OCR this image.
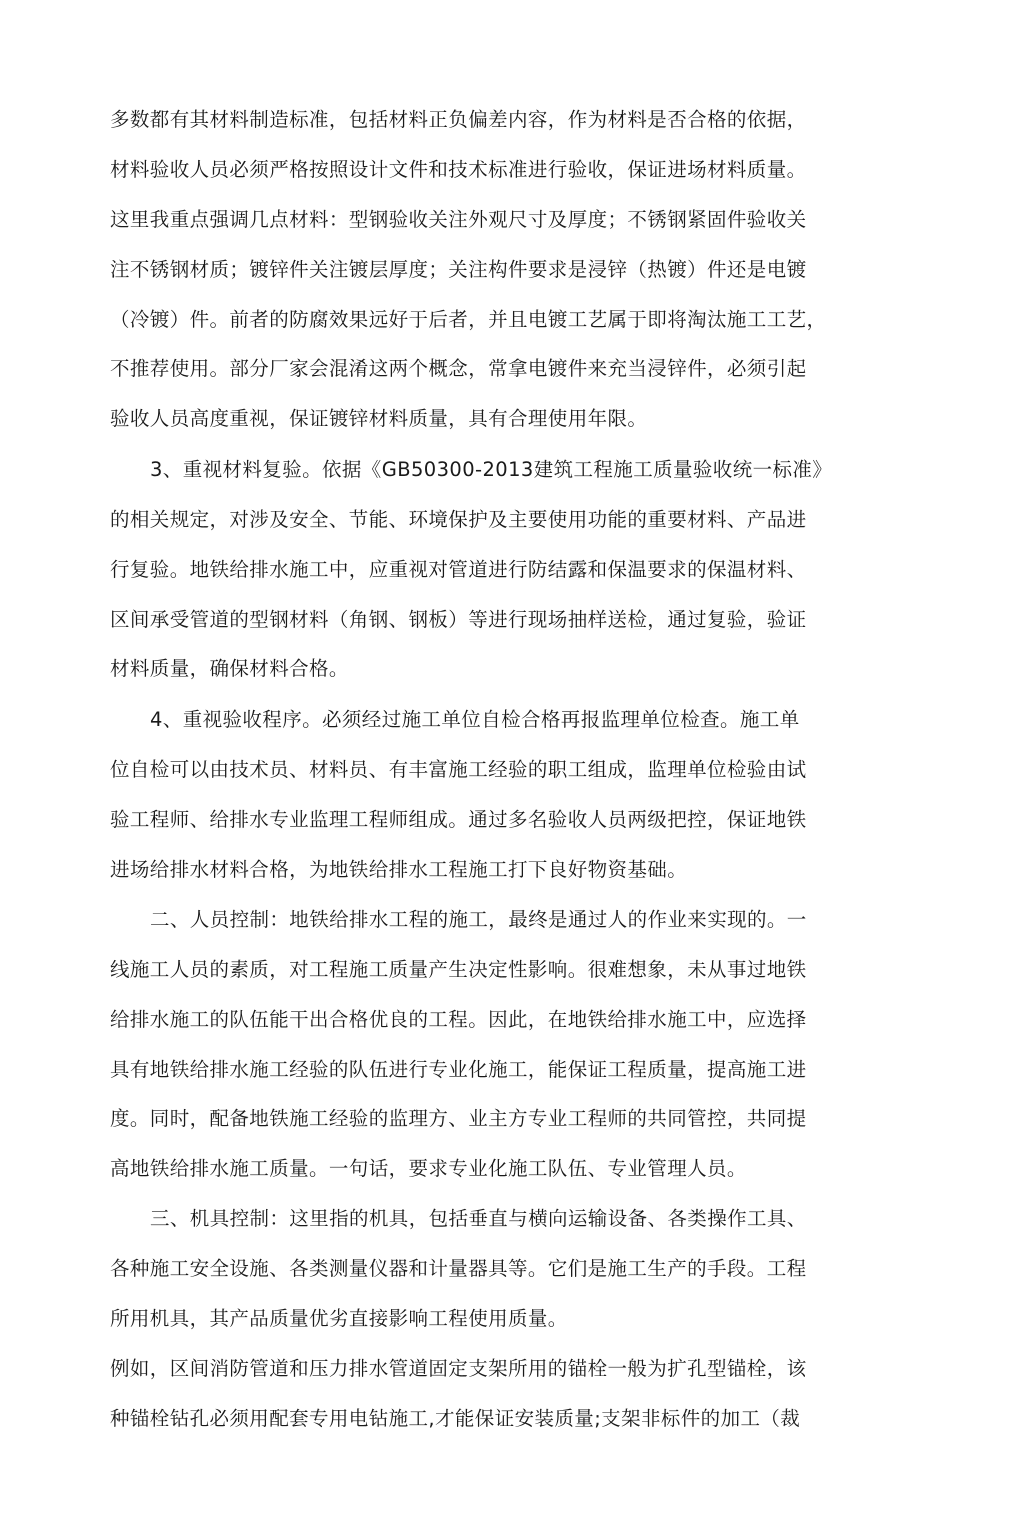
多数都有其材料制造标准，包括材料正负偏差内容，作为材料是否合格的依据，
材料验收人员必须严格按照设计文件和技术标准进行验收，保证进场材料质量。
这里我重点强调几点材料：型钢验收关注外观尺寸及厚度；不锈钢紧固件验收关
注不锈钢材质；镀锌件关注镀层厚度；关注构件要求是浸锌（热镀）件还是电镀
（冷镀）件。前者的防腐效果远好于后者，并且电镀工艺属于即将淘汰施工工艺，
不推荐使用。部分厂家会混淆这两个概念，常拿电镀件来充当浸锌件，必须引起
验收人员高度重视，保证镀锌材料质量，具有合理使用年限。
3、重视材料复验。依据《GB50300-2013建筑工程施工质量验收统一标准》
的相关规定，对涉及安全、节能、环境保护及主要使用功能的重要材料、产品进
行复验。地铁给排水施工中，应重视对管道进行防结露和保温要求的保温材料、
区间承受管道的型钢材料（角钢、钢板）等进行现场抽样送检，通过复验，验证
材料质量，确保材料合格。
4、重视验收程序。必须经过施工单位自检合格再报监理单位检查。施工单
位自检可以由技术员、材料员、有丰富施工经验的职工组成，监理单位检验由试
验工程师、给排水专业监理工程师组成。通过多名验收人员两级把控，保证地铁
进场给排水材料合格，为地铁给排水工程施工打下良好物资基础。
二、人员控制：地铁给排水工程的施工，最终是通过人的作业来实现的。一
线施工人员的素质，对工程施工质量产生决定性影响。很难想象，未从事过地铁
给排水施工的队伍能干出合格优良的工程。因此，在地铁给排水施工中，应选择
具有地铁给排水施工经验的队伍进行专业化施工，能保证工程质量，提高施工进
度。同时，配备地铁施工经验的监理方、业主方专业工程师的共同管控，共同提
高地铁给排水施工质量。一句话，要求专业化施工队伍、专业管理人员。
三、机具控制：这里指的机具，包括垂直与横向运输设备、各类操作工具、
各种施工安全设施、各类测量仪器和计量器具等。它们是施工生产的手段。工程
所用机具，其产品质量优劣直接影响工程使用质量。
例如，区间消防管道和压力排水管道固定支架所用的锚栓一般为扩孔型锚栓，该
种锚栓钻孔必须用配套专用电钻施工,才能保证安装质量;支架非标件的加工（裁
